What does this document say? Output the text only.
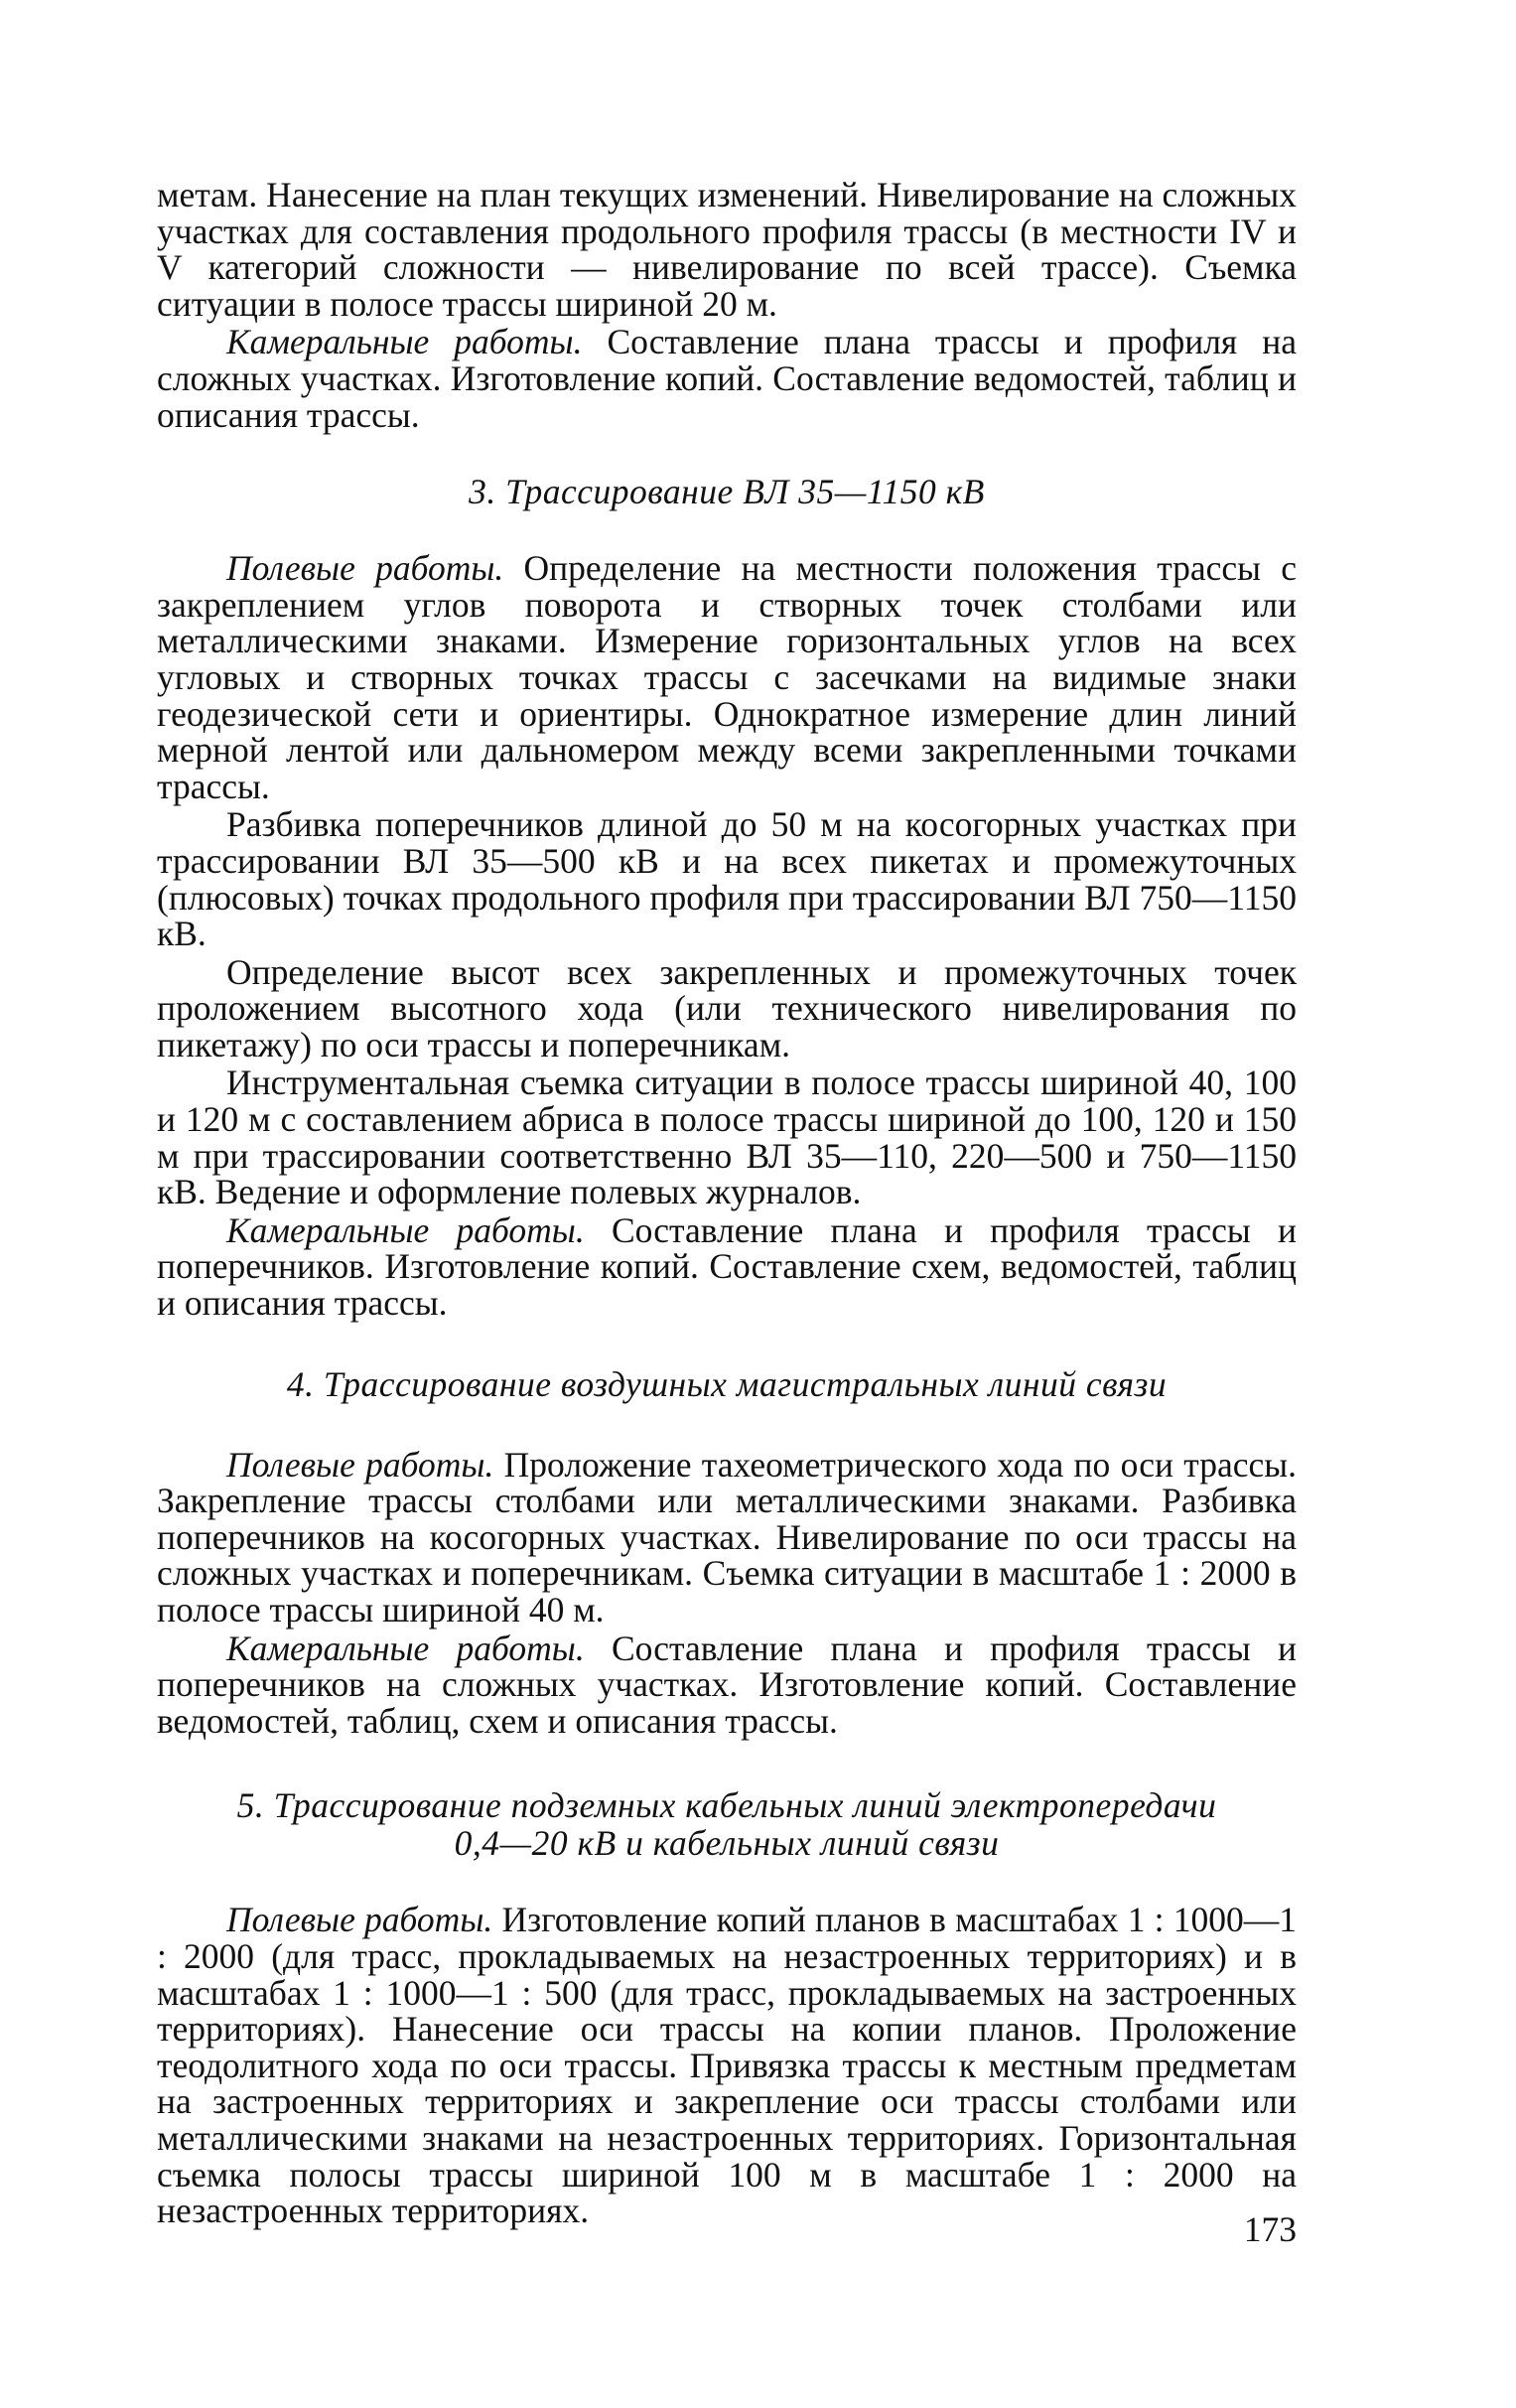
метам. Нанесение на план текущих изменений. Нивелирование на сложных участках для составления продольного профиля трассы (в местности IV и V категорий сложности — нивелирование по всей трассе). Съемка ситуации в полосе трассы шириной 20 м.

Камеральные работы. Составление плана трассы и профиля на сложных участках. Изготовление копий. Составление ведомостей, таблиц и описания трассы.

3. Трассирование ВЛ 35—1150 кВ

Полевые работы. Определение на местности положения трассы с закреплением углов поворота и створных точек столбами или металлическими знаками. Измерение горизонтальных углов на всех угловых и створных точках трассы с засечками на видимые знаки геодезической сети и ориентиры. Однократное измерение длин линий мерной лентой или дальномером между всеми закрепленными точками трассы.

Разбивка поперечников длиной до 50 м на косогорных участках при трассировании ВЛ 35—500 кВ и на всех пикетах и промежуточных (плюсовых) точках продольного профиля при трассировании ВЛ 750—1150 кВ.

Определение высот всех закрепленных и промежуточных точек проложением высотного хода (или технического нивелирования по пикетажу) по оси трассы и поперечникам.

Инструментальная съемка ситуации в полосе трассы шириной 40, 100 и 120 м с составлением абриса в полосе трассы шириной до 100, 120 и 150 м при трассировании соответственно ВЛ 35—110, 220—500 и 750—1150 кВ. Ведение и оформление полевых журналов.

Камеральные работы. Составление плана и профиля трассы и поперечников. Изготовление копий. Составление схем, ведомостей, таблиц и описания трассы.

4. Трассирование воздушных магистральных линий связи

Полевые работы. Проложение тахеометрического хода по оси трассы. Закрепление трассы столбами или металлическими знаками. Разбивка поперечников на косогорных участках. Нивелирование по оси трассы на сложных участках и поперечникам. Съемка ситуации в масштабе 1 : 2000 в полосе трассы шириной 40 м.

Камеральные работы. Составление плана и профиля трассы и поперечников на сложных участках. Изготовление копий. Составление ведомостей, таблиц, схем и описания трассы.

5. Трассирование подземных кабельных линий электропередачи
0,4—20 кВ и кабельных линий связи

Полевые работы. Изготовление копий планов в масштабах 1 : 1000—1 : 2000 (для трасс, прокладываемых на незастроенных территориях) и в масштабах 1 : 1000—1 : 500 (для трасс, прокладываемых на застроенных территориях). Нанесение оси трассы на копии планов. Проложение теодолитного хода по оси трассы. Привязка трассы к местным предметам на застроенных территориях и закрепление оси трассы столбами или металлическими знаками на незастроенных территориях. Горизонтальная съемка полосы трассы шириной 100 м в масштабе 1 : 2000 на незастроенных территориях.	173
